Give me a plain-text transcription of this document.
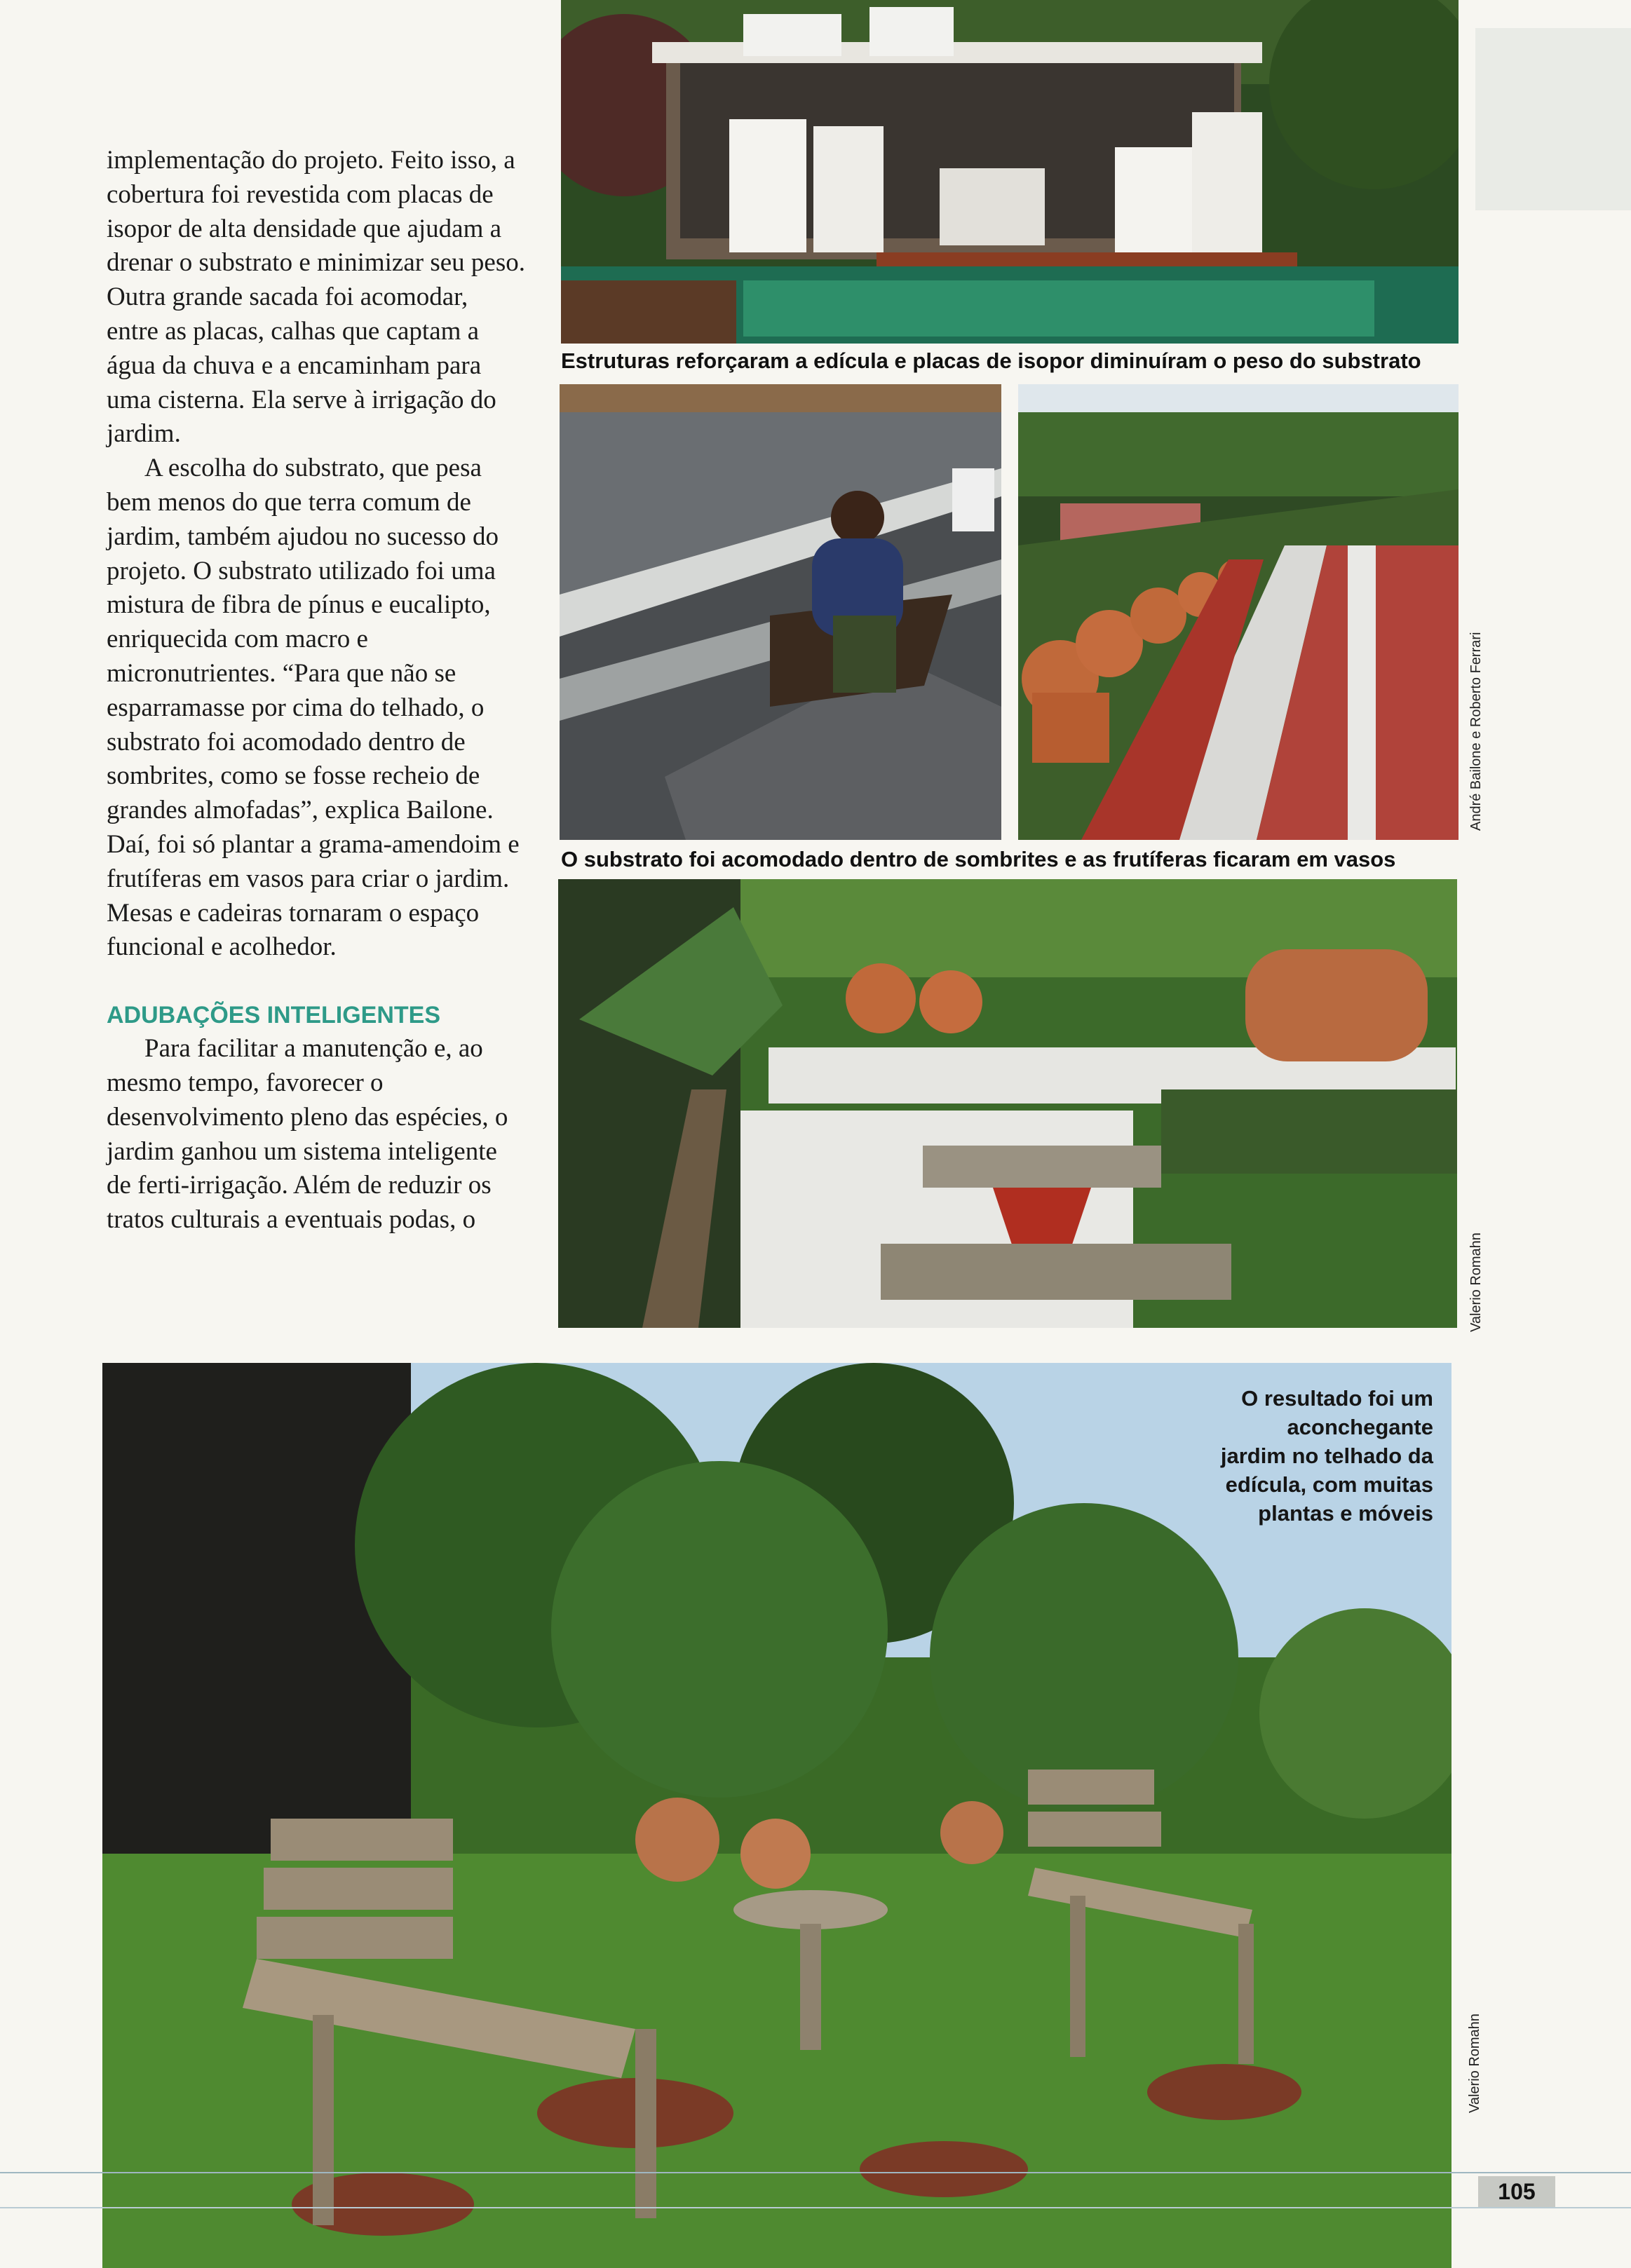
implementação do projeto. Feito isso, a cobertura foi revestida com placas de isopor de alta densidade que ajudam a drenar o substrato e minimizar seu peso. Outra grande sacada foi acomodar, entre as placas, calhas que captam a água da chuva e a encaminham para uma cisterna. Ela serve à irrigação do jardim.

A escolha do substrato, que pesa bem menos do que terra comum de jardim, também ajudou no sucesso do projeto. O substrato utilizado foi uma mistura de fibra de pínus e eucalipto, enriquecida com macro e micronutrientes. “Para que não se esparramasse por cima do telhado, o substrato foi acomodado dentro de sombrites, como se fosse recheio de grandes almofadas”, explica Bailone. Daí, foi só plantar a grama-amendoim e frutíferas em vasos para criar o jardim. Mesas e cadeiras tornaram o espaço funcional e acolhedor.

ADUBAÇÕES INTELIGENTES

Para facilitar a manutenção e, ao mesmo tempo, favorecer o desenvolvimento pleno das espécies, o jardim ganhou um sistema inteligente de ferti-irrigação. Além de reduzir os tratos culturais a eventuais podas, o

Estruturas reforçaram a edícula e placas de isopor diminuíram o peso do substrato
André Bailone e Roberto Ferrari
O substrato foi acomodado dentro de sombrites e as frutíferas ficaram em vasos
Valerio Romahn
O resultado foi um
aconchegante
jardim no telhado da
edícula, com muitas
plantas e móveis
Valerio Romahn
105
